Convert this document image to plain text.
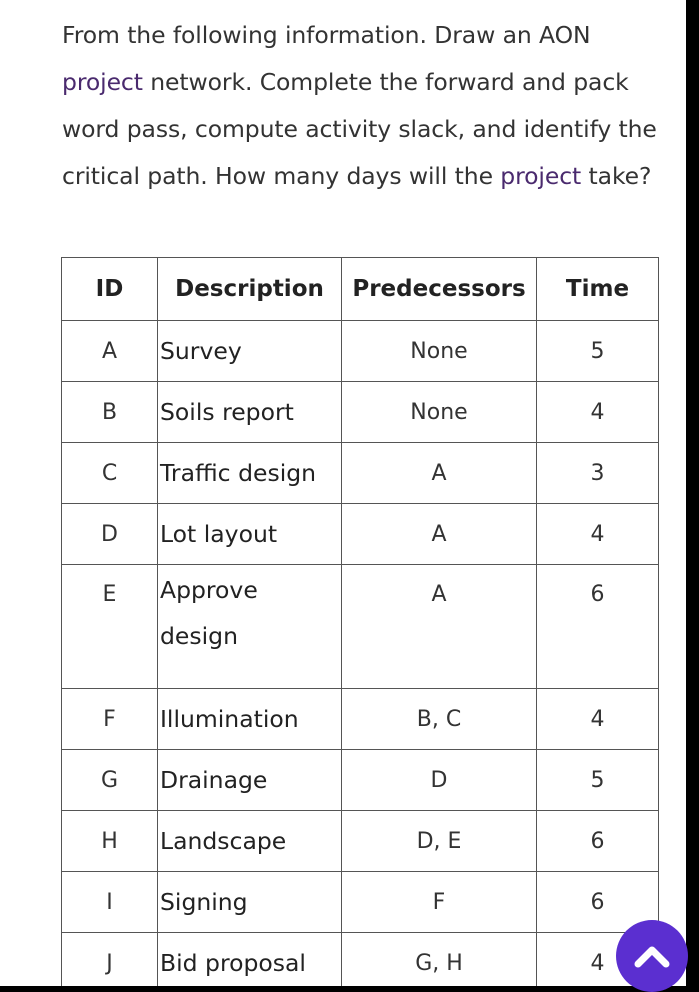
From the following information. Draw an AON project network. Complete the forward and pack word pass, compute activity slack, and identify the critical path. How many days will the project take?

ID	Description	Predecessors	Time
A	Survey	None	5
B	Soils report	None	4
C	Traffic design	A	3
D	Lot layout	A	4
E	Approve design	A	6
F	Illumination	B, C	4
G	Drainage	D	5
H	Landscape	D, E	6
I	Signing	F	6
J	Bid proposal	G, H	4
